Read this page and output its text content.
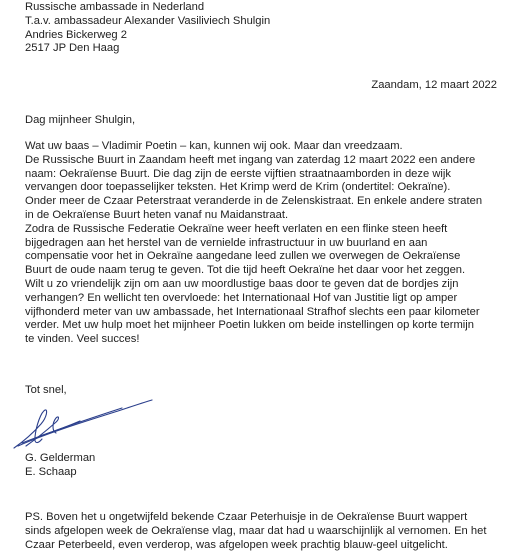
Russische ambassade in Nederland
T.a.v. ambassadeur Alexander Vasiliviech Shulgin
Andries Bickerweg 2
2517 JP Den Haag
Zaandam, 12 maart 2022
Dag mijnheer Shulgin,
Wat uw baas – Vladimir Poetin – kan, kunnen wij ook. Maar dan vreedzaam.
De Russische Buurt in Zaandam heeft met ingang van zaterdag 12 maart 2022 een andere
naam: Oekraïense Buurt. Die dag zijn de eerste vijftien straatnaamborden in deze wijk
vervangen door toepasselijker teksten. Het Krimp werd de Krim (ondertitel: Oekraïne).
Onder meer de Czaar Peterstraat veranderde in de Zelenskistraat. En enkele andere straten
in de Oekraïense Buurt heten vanaf nu Maidanstraat.
Zodra de Russische Federatie Oekraïne weer heeft verlaten en een flinke steen heeft
bijgedragen aan het herstel van de vernielde infrastructuur in uw buurland en aan
compensatie voor het in Oekraïne aangedane leed zullen we overwegen de Oekraïense
Buurt de oude naam terug te geven. Tot die tijd heeft Oekraïne het daar voor het zeggen.
Wilt u zo vriendelijk zijn om aan uw moordlustige baas door te geven dat de bordjes zijn
verhangen? En wellicht ten overvloede: het Internationaal Hof van Justitie ligt op amper
vijfhonderd meter van uw ambassade, het Internationaal Strafhof slechts een paar kilometer
verder. Met uw hulp moet het mijnheer Poetin lukken om beide instellingen op korte termijn
te vinden. Veel succes!
Tot snel,
G. Gelderman
E. Schaap
PS. Boven het u ongetwijfeld bekende Czaar Peterhuisje in de Oekraïense Buurt wappert
sinds afgelopen week de Oekraïense vlag, maar dat had u waarschijnlijk al vernomen. En het
Czaar Peterbeeld, even verderop, was afgelopen week prachtig blauw-geel uitgelicht.
